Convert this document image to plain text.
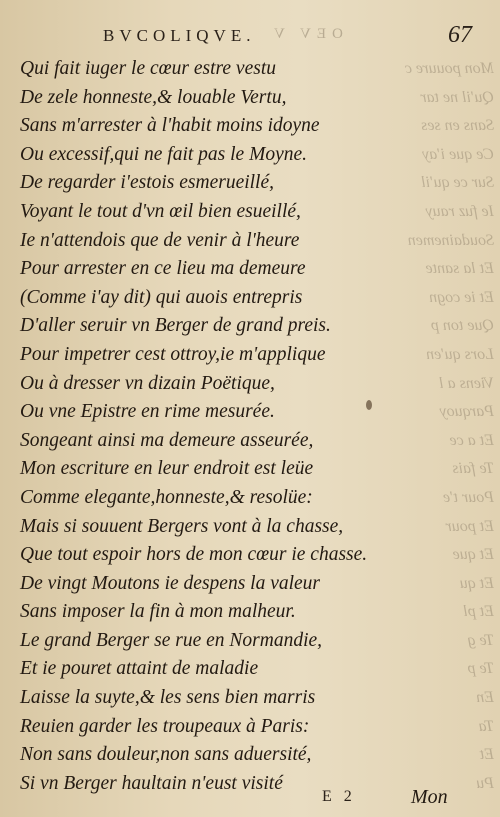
BVCOLIQVE. OEV V	67
Mon pouure c
Qu'il ne tar
Sans en ses
Ce que i'ay
Sur ce qu'il
Ie fuz rauy
Soudainemen
Et la sante
Et ie cogn
Que ton p
Lors qu'en
Viens a l
Parquoy
Et a ce
Te fais
Pour t'e
Et pour
Et que
Et qu
Et pl
Te g
Te p
En
Ta
Et
Pu
Qui fait iuger le cœur estre vestu
De zele honneste,& louable Vertu,
Sans m'arrester à l'habit moins idoyne
Ou excessif,qui ne fait pas le Moyne.
De regarder i'estois esmerueillé,
Voyant le tout d'vn œil bien esueillé,
Ie n'attendois que de venir à l'heure
Pour arrester en ce lieu ma demeure
(Comme i'ay dit) qui auois entrepris
D'aller seruir vn Berger de grand preis.
Pour impetrer cest ottroy,ie m'applique
Ou à dresser vn dizain Poëtique,
Ou vne Epistre en rime mesurée.
Songeant ainsi ma demeure asseurée,
Mon escriture en leur endroit est leüe
Comme elegante,honneste,& resolüe:
Mais si souuent Bergers vont à la chasse,
Que tout espoir hors de mon cœur ie chasse.
De vingt Moutons ie despens la valeur
Sans imposer la fin à mon malheur.
Le grand Berger se rue en Normandie,
Et ie pouret attaint de maladie
Laisse la suyte,& les sens bien marris
Reuien garder les troupeaux à Paris:
Non sans douleur,non sans aduersité,
Si vn Berger haultain n'eust visité
E 2	Mon
